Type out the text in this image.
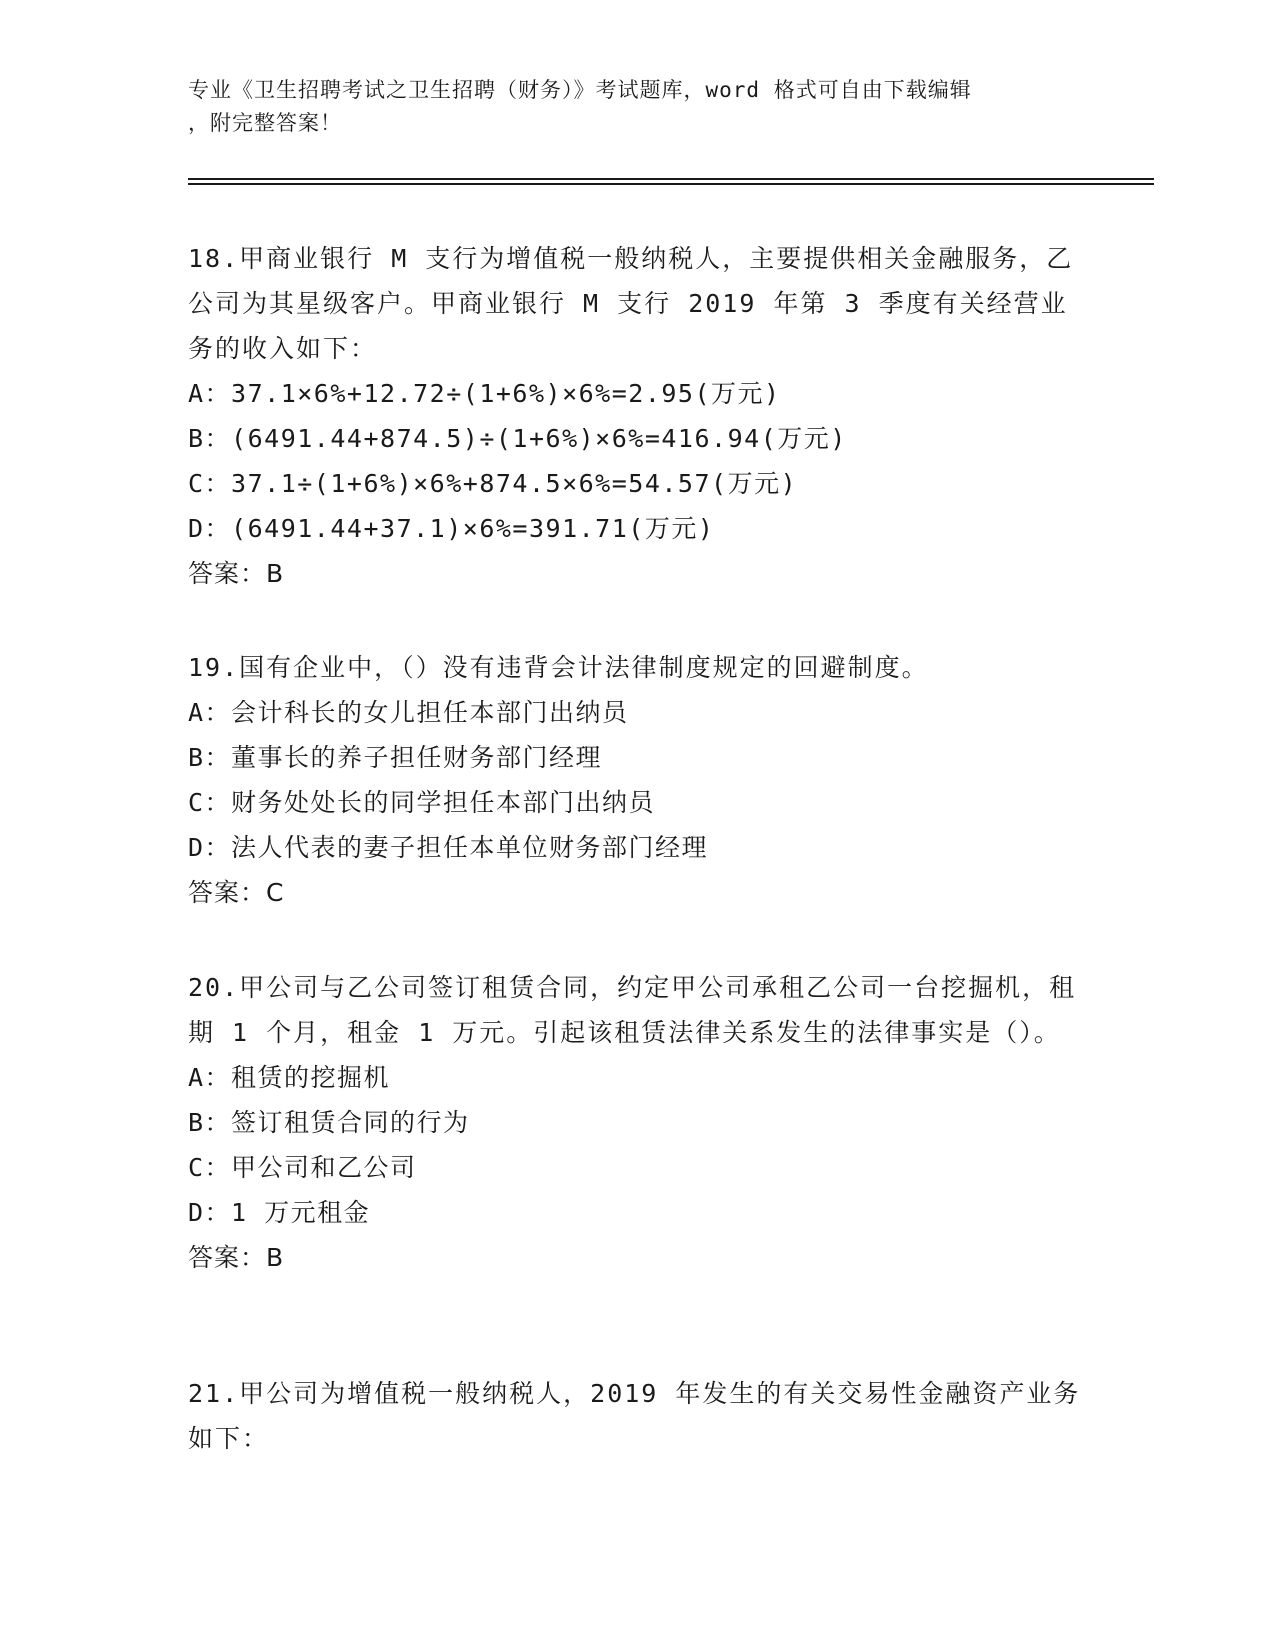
专业《卫生招聘考试之卫生招聘（财务）》考试题库，word 格式可自由下载编辑
，附完整答案！
18.甲商业银行 M 支行为增值税一般纳税人，主要提供相关金融服务，乙公司为其星级客户。甲商业银行 M 支行 2019 年第 3 季度有关经营业务的收入如下：
A：37.1×6%+12.72÷(1+6%)×6%=2.95(万元)
B：(6491.44+874.5)÷(1+6%)×6%=416.94(万元)
C：37.1÷(1+6%)×6%+874.5×6%=54.57(万元)
D：(6491.44+37.1)×6%=391.71(万元)
答案：B
19.国有企业中，（）没有违背会计法律制度规定的回避制度。
A：会计科长的女儿担任本部门出纳员
B：董事长的养子担任财务部门经理
C：财务处处长的同学担任本部门出纳员
D：法人代表的妻子担任本单位财务部门经理
答案：C
20.甲公司与乙公司签订租赁合同，约定甲公司承租乙公司一台挖掘机，租期 1 个月，租金 1 万元。引起该租赁法律关系发生的法律事实是（）。
A：租赁的挖掘机
B：签订租赁合同的行为
C：甲公司和乙公司
D：1 万元租金
答案：B
21.甲公司为增值税一般纳税人，2019 年发生的有关交易性金融资产业务如下：
